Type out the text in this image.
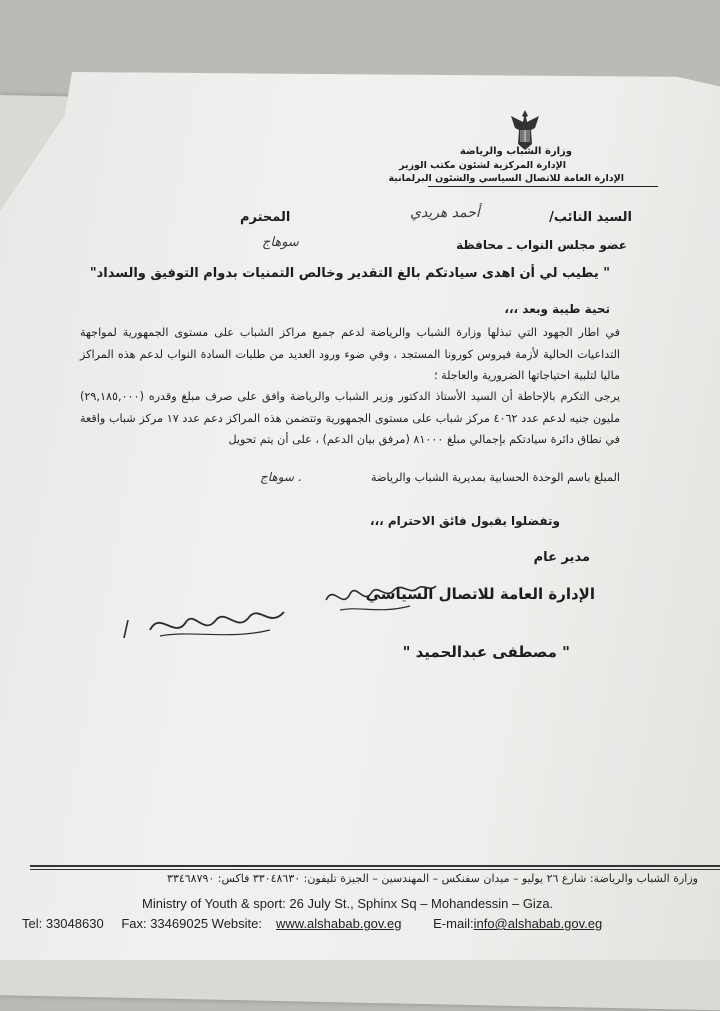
وزارة الشباب والرياضة
الإدارة المركزية لشئون مكتب الوزير
الإدارة العامة للاتصال السياسي والشئون البرلمانية
المحترم	أحمد هريدي	السيد النائب/
سوهاج	عضو مجلس النواب ـ محافظة
" يطيب لي أن اهدى سيادتكم بالغ التقدير وخالص التمنيات بدوام التوفيق والسداد"
تحية طيبة وبعد ،،،
في اطار الجهود التي تبذلها وزارة الشباب والرياضة لدعم جميع مراكز الشباب على مستوى الجمهورية لمواجهة التداعيات الحالية لأزمة فيروس كورونا المستجد ، وفي ضوء ورود العديد من طلبات السادة النواب لدعم هذه المراكز ماليا لتلبية احتياجاتها الضرورية والعاجلة ؛
يرجى التكرم بالإحاطة أن السيد الأستاذ الدكتور وزير الشباب والرياضة وافق على صرف مبلغ وقدره (٢٩,١٨٥,٠٠٠) مليون جنيه لدعم عدد ٤٠٦٢ مركز شباب على مستوى الجمهورية وتتضمن هذه المراكز دعم عدد ١٧ مركز شباب واقعة في نطاق دائرة سيادتكم بإجمالي مبلغ ٨١٠٠٠ (مرفق بيان الدعم) ، على أن يتم تحويل
المبلغ باسم الوحدة الحسابية بمديرية الشباب والرياضة
سوهاج .
وتفضلوا بقبول فائق الاحترام ،،،
مدير عام
الإدارة العامة للاتصال السياسي
" مصطفى عبدالحميد "
وزارة الشباب والرياضة: شارع ٢٦ يوليو – ميدان سفنكس – المهندسين – الجيزة تليفون: ٣٣٠٤٨٦٣٠ فاكس: ٣٣٤٦٨٧٩٠
Ministry of Youth & sport: 26 July St., Sphinx Sq – Mohandessin – Giza.
Tel: 33048630 Fax: 33469025 Website: www.alshabab.gov.eg E-mail:info@alshabab.gov.eg
